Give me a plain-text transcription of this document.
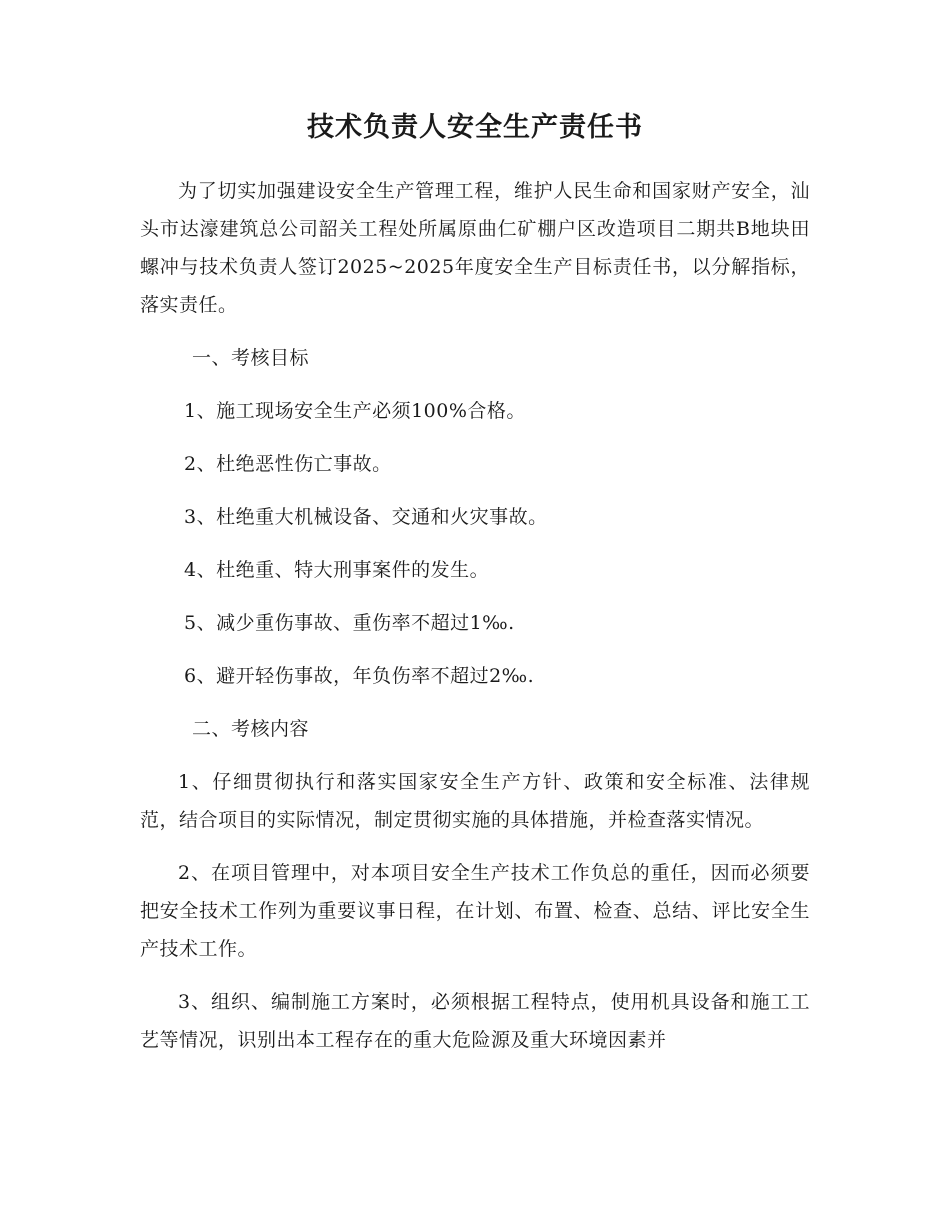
技术负责人安全生产责任书

为了切实加强建设安全生产管理工程，维护人民生命和国家财产安全，汕头市达濠建筑总公司韶关工程处所属原曲仁矿棚户区改造项目二期共B地块田螺冲与技术负责人签订2025~2025年度安全生产目标责任书，以分解指标，落实责任。

一、考核目标
1、施工现场安全生产必须100%合格。
2、杜绝恶性伤亡事故。
3、杜绝重大机械设备、交通和火灾事故。
4、杜绝重、特大刑事案件的发生。
5、减少重伤事故、重伤率不超过1‰.
6、避开轻伤事故，年负伤率不超过2‰.
二、考核内容

1、仔细贯彻执行和落实国家安全生产方针、政策和安全标准、法律规范，结合项目的实际情况，制定贯彻实施的具体措施，并检查落实情况。

2、在项目管理中，对本项目安全生产技术工作负总的重任，因而必须要把安全技术工作列为重要议事日程，在计划、布置、检查、总结、评比安全生产技术工作。

3、组织、编制施工方案时，必须根据工程特点，使用机具设备和施工工艺等情况，识别出本工程存在的重大危险源及重大环境因素并
